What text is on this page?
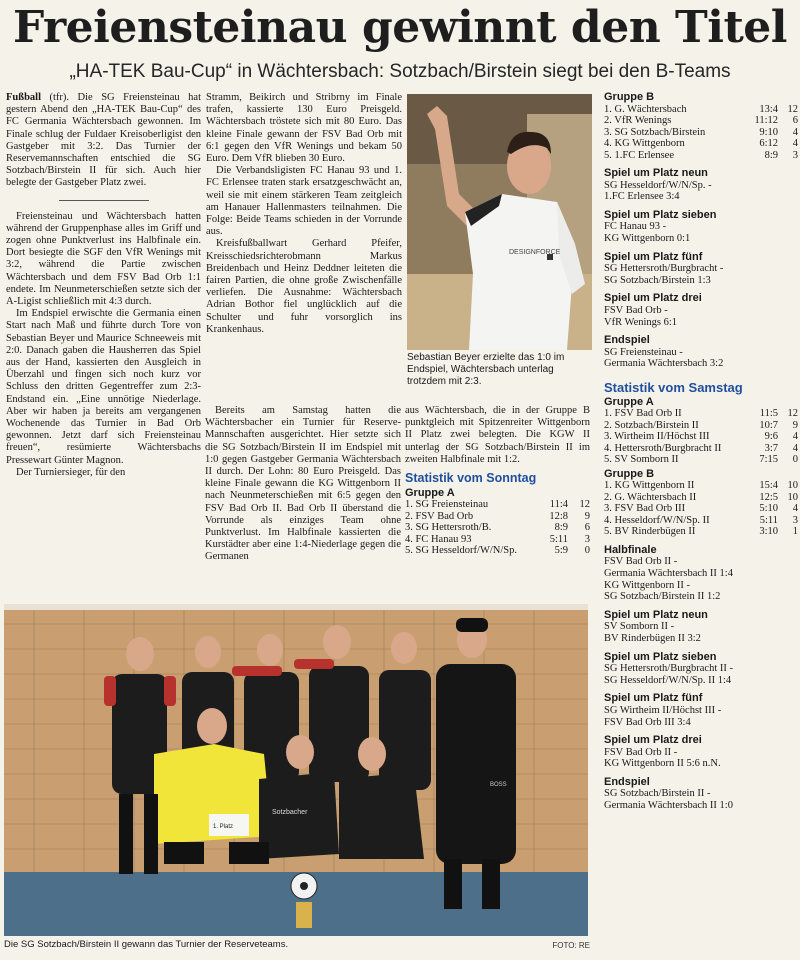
Freiensteinau gewinnt den Titel
„HA-TEK Bau-Cup“ in Wächtersbach: Sotzbach/Birstein siegt bei den B-Teams

Fußball (tfr). Die SG Freiensteinau hat gestern Abend den „HA-TEK Bau-Cup“ des FC Germania Wächtersbach gewonnen. Im Finale schlug der Fuldaer Kreisoberligist den Gastgeber mit 3:2. Das Turnier der Reservemannschaften entschied die SG Sotzbach/Birstein II für sich. Auch hier belegte der Gastgeber Platz zwei.

Freiensteinau und Wächtersbach hatten während der Gruppenphase alles im Griff und zogen ohne Punktverlust ins Halbfinale ein. Dort besiegte die SGF den VfR Wenings mit 3:2, während die Partie zwischen Wächtersbach und dem FSV Bad Orb 1:1 endete. Im Neunmeterschießen setzte sich der A-Ligist schließlich mit 4:3 durch.

Im Endspiel erwischte die Germania einen Start nach Maß und führte durch Tore von Sebastian Beyer und Maurice Schneeweis mit 2:0. Danach gaben die Hausherren das Spiel aus der Hand, kassierten den Ausgleich in Überzahl und fingen sich noch kurz vor Schluss den dritten Gegentreffer zum 2:3-Endstand ein. „Eine unnötige Niederlage. Aber wir haben ja bereits am vergangenen Wochenende das Turnier in Bad Orb gewonnen. Jetzt darf sich Freiensteinau freuen“, resümierte Wächtersbachs Pressewart Günter Magnon.

Der Turniersieger, für den

Stramm, Beikirch und Stribrny im Finale trafen, kassierte 130 Euro Preisgeld. Wächtersbach tröstete sich mit 80 Euro. Das kleine Finale gewann der FSV Bad Orb mit 6:1 gegen den VfR Wenings und bekam 50 Euro. Dem VfR blieben 30 Euro.

Die Verbandsligisten FC Hanau 93 und 1. FC Erlensee traten stark ersatzgeschwächt an, weil sie mit einem stärkeren Team zeitgleich am Hanauer Hallenmasters teilnahmen. Die Folge: Beide Teams schieden in der Vorrunde aus.

Kreisfußballwart Gerhard Pfeifer, Kreisschiedsrichterobmann Markus Breidenbach und Heinz Deddner leiteten die fairen Partien, die ohne große Zwischenfälle verliefen. Die Ausnahme: Wächtersbach Adrian Bothor fiel unglücklich auf die Schulter und fuhr vorsorglich ins Krankenhaus.

Bereits am Samstag hatten die Wächtersbacher ein Turnier für Reserve-Mannschaften ausgerichtet. Hier setzte sich die SG Sotzbach/Birstein II im Endspiel mit 1:0 gegen Gastgeber Germania Wächtersbach II durch. Der Lohn: 80 Euro Preisgeld. Das kleine Finale gewann die KG Wittgenborn II nach Neunmeterschießen mit 6:5 gegen den FSV Bad Orb II. Bad Orb II überstand die Vorrunde als einziges Team ohne Punktverlust. Im Halbfinale kassierten die Kurstädter aber eine 1:4-Niederlage gegen die Germanen

aus Wächtersbach, die in der Gruppe B punktgleich mit Spitzenreiter Wittgenborn II Platz zwei belegten. Die KGW II unterlag der SG Sotzbach/Birstein II im zweiten Halbfinale mit 1:2.

Statistik vom Sonntag
Gruppe A
1. SG Freiensteinau	11:4	12
2. FSV Bad Orb	12:8	9
3. SG Hettersroth/B.	8:9	6
4. FC Hanau 93	5:11	3
5. SG Hesseldorf/W/N/Sp.	5:9	0
DESIGNFORCE
Sebastian Beyer erzielte das 1:0 im Endspiel, Wächtersbach unterlag trotzdem mit 2:3.
Gruppe B
1. G. Wächtersbach	13:4	12
2. VfR Wenings	11:12	6
3. SG Sotzbach/Birstein	9:10	4
4. KG Wittgenborn	6:12	4
5. 1.FC Erlensee	8:9	3
Spiel um Platz neun
SG Hesseldorf/W/N/Sp. -
1.FC Erlensee 3:4
Spiel um Platz sieben
FC Hanau 93 -
KG Wittgenborn 0:1
Spiel um Platz fünf
SG Hettersroth/Burgbracht -
SG Sotzbach/Birstein 1:3
Spiel um Platz drei
FSV Bad Orb -
VfR Wenings 6:1
Endspiel
SG Freiensteinau -
Germania Wächtersbach 3:2
Statistik vom Samstag
Gruppe A
1. FSV Bad Orb II	11:5	12
2. Sotzbach/Birstein II	10:7	9
3. Wirtheim II/Höchst III	9:6	4
4. Hettersroth/Burgbracht II	3:7	4
5. SV Somborn II	7:15	0
Gruppe B
1. KG Wittgenborn II	15:4	10
2. G. Wächtersbach II	12:5	10
3. FSV Bad Orb III	5:10	4
4. Hesseldorf/W/N/Sp. II	5:11	3
5. BV Rinderbügen II	3:10	1
Halbfinale
FSV Bad Orb II -
Germania Wächtersbach II 1:4
KG Wittgenborn II -
SG Sotzbach/Birstein II 1:2
Spiel um Platz neun
SV Somborn II -
BV Rinderbügen II 3:2
Spiel um Platz sieben
SG Hettersroth/Burgbracht II -
SG Hesseldorf/W/N/Sp. II 1:4
Spiel um Platz fünf
SG Wirtheim II/Höchst III -
FSV Bad Orb III 3:4
Spiel um Platz drei
FSV Bad Orb II -
KG Wittgenborn II 5:6 n.N.
Endspiel
SG Sotzbach/Birstein II -
Germania Wächtersbach II 1:0
1. Platz
Sotzbacher
BOSS
Die SG Sotzbach/Birstein II gewann das Turnier der Reserveteams.	FOTO: RE
